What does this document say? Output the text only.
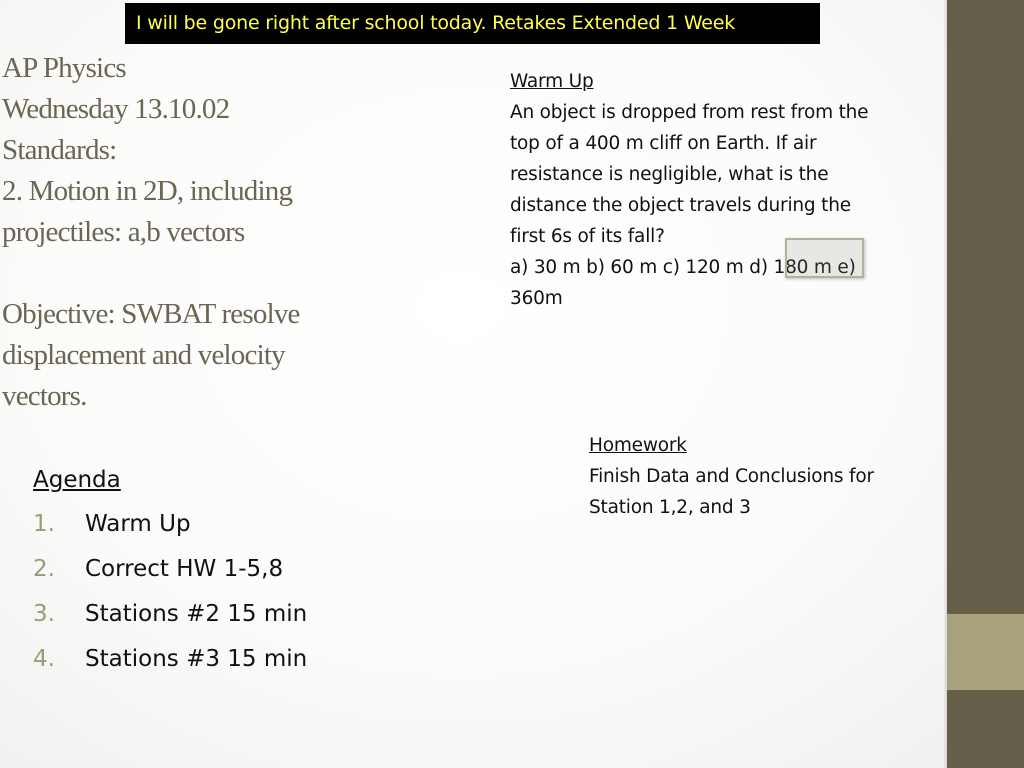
I will be gone right after school today. Retakes Extended 1 Week
AP Physics
Wednesday 13.10.02
Standards:
2. Motion in 2D, including
projectiles: a,b vectors
Objective: SWBAT resolve
displacement and velocity
vectors.
Warm Up
An object is dropped from rest from the
top of a 400 m cliff on Earth. If air
resistance is negligible, what is the
distance the object travels during the
first 6s of its fall?
a) 30 m b) 60 m c) 120 m d) 180 m e)
360m
Homework
Finish Data and Conclusions for
Station 1,2, and 3
Agenda
1.	Warm Up
2.	Correct HW 1-5,8
3.	Stations #2 15 min
4.	Stations #3 15 min
